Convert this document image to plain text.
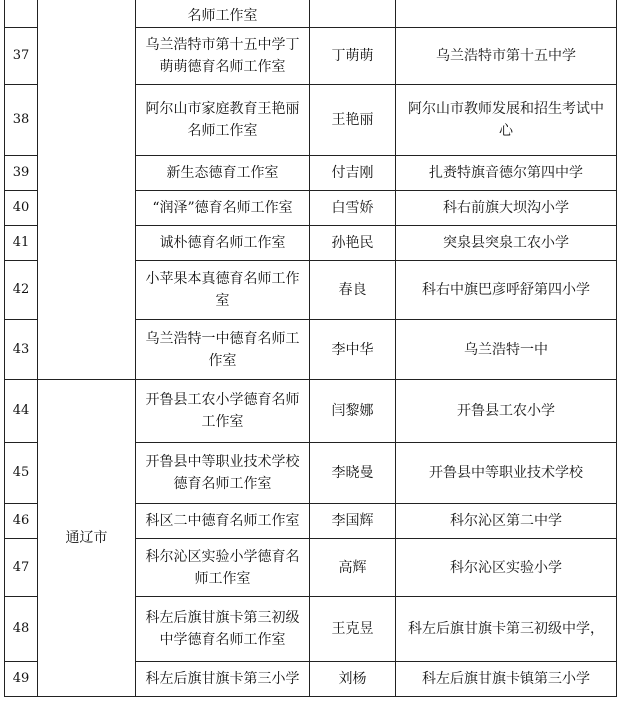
		名师工作室		
37		乌兰浩特市第十五中学丁萌萌德育名师工作室	丁萌萌	乌兰浩特市第十五中学
38		阿尔山市家庭教育王艳丽名师工作室	王艳丽	阿尔山市教师发展和招生考试中心
39		新生态德育工作室	付吉刚	扎赉特旗音德尔第四中学
40		“润泽”德育名师工作室	白雪娇	科右前旗大坝沟小学
41		诚朴德育名师工作室	孙艳民	突泉县突泉工农小学
42		小苹果本真德育名师工作室	春良	科右中旗巴彦呼舒第四小学
43		乌兰浩特一中德育名师工作室	李中华	乌兰浩特一中
44	通辽市	开鲁县工农小学德育名师工作室	闫黎娜	开鲁县工农小学
45		开鲁县中等职业技术学校德育名师工作室	李晓曼	开鲁县中等职业技术学校
46		科区二中德育名师工作室	李国辉	科尔沁区第二中学
47		科尔沁区实验小学德育名师工作室	高辉	科尔沁区实验小学
48		科左后旗甘旗卡第三初级中学德育名师工作室	王克昱	科左后旗甘旗卡第三初级中学，
49		科左后旗甘旗卡第三小学	刘杨	科左后旗甘旗卡镇第三小学
